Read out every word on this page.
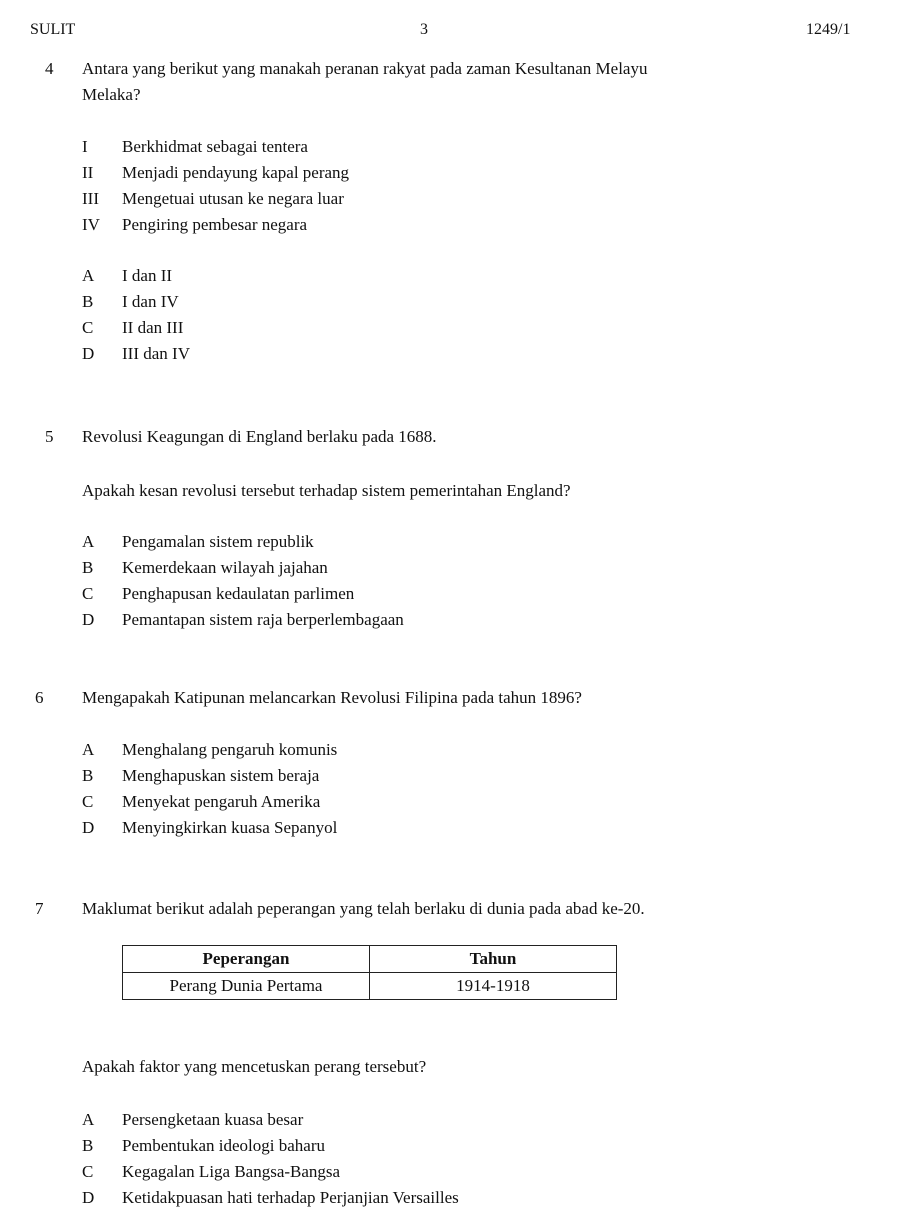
SULIT	3	1249/1
4 Antara yang berikut yang manakah peranan rakyat pada zaman Kesultanan Melayu
Melaka?
I Berkhidmat sebagai tentera
II Menjadi pendayung kapal perang
III Mengetuai utusan ke negara luar
IV Pengiring pembesar negara
A I dan II
B I dan IV
C II dan III
D III dan IV
5 Revolusi Keagungan di England berlaku pada 1688.
Apakah kesan revolusi tersebut terhadap sistem pemerintahan England?
A Pengamalan sistem republik
B Kemerdekaan wilayah jajahan
C Penghapusan kedaulatan parlimen
D Pemantapan sistem raja berperlembagaan
6 Mengapakah Katipunan melancarkan Revolusi Filipina pada tahun 1896?
A Menghalang pengaruh komunis
B Menghapuskan sistem beraja
C Menyekat pengaruh Amerika
D Menyingkirkan kuasa Sepanyol
7 Maklumat berikut adalah peperangan yang telah berlaku di dunia pada abad ke-20.
Peperangan	Tahun
Perang Dunia Pertama	1914-1918
Apakah faktor yang mencetuskan perang tersebut?
A Persengketaan kuasa besar
B Pembentukan ideologi baharu
C Kegagalan Liga Bangsa-Bangsa
D Ketidakpuasan hati terhadap Perjanjian Versailles
